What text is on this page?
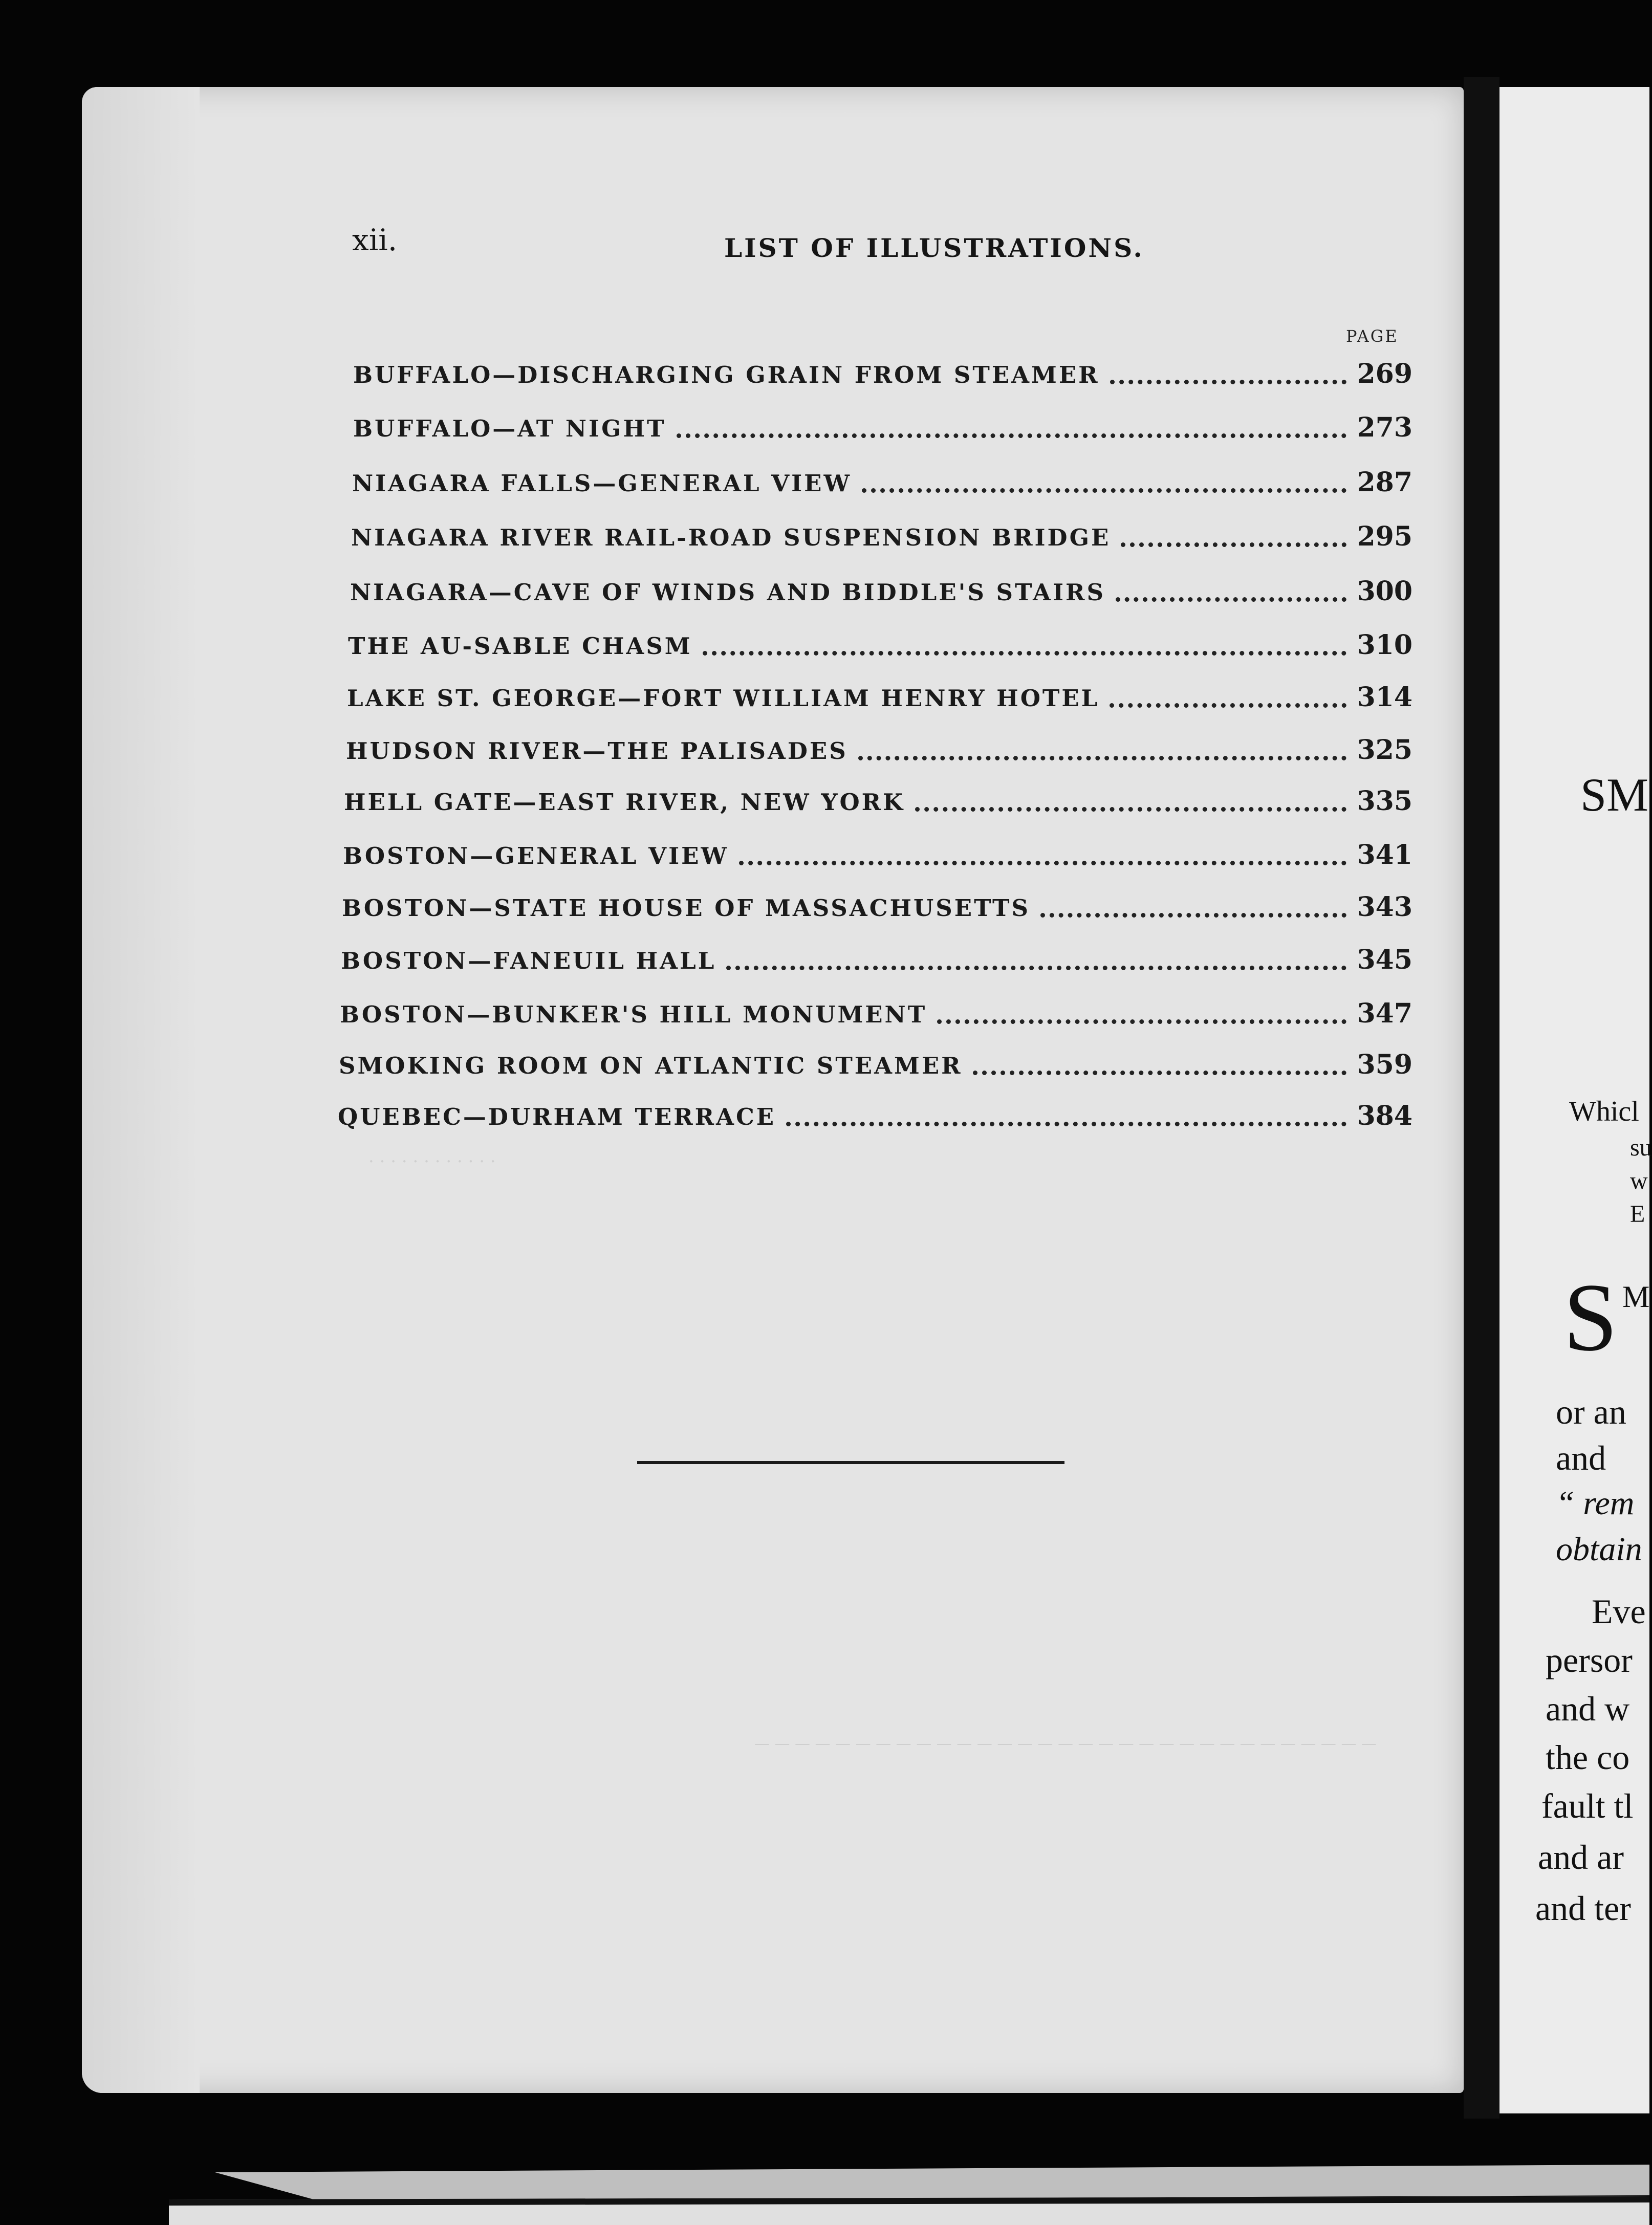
xii.	LIST OF ILLUSTRATIONS.
PAGE
. . . . . . . . . . . .
— — — — — — — — — — — — — — — — — — — — — — — — — — — — — — —
SM
Whicl
su
w
E
S M
or an
and
“ rem
obtain
Eve
persor
and w
the co
fault tl
and ar
and ter
BUFFALO—DISCHARGING GRAIN FROM STEAMER	269
BUFFALO—AT NIGHT	273
NIAGARA FALLS—GENERAL VIEW	287
NIAGARA RIVER RAIL-ROAD SUSPENSION BRIDGE	295
NIAGARA—CAVE OF WINDS AND BIDDLE'S STAIRS	300
THE AU-SABLE CHASM	310
LAKE ST. GEORGE—FORT WILLIAM HENRY HOTEL	314
HUDSON RIVER—THE PALISADES	325
HELL GATE—EAST RIVER, NEW YORK	335
BOSTON—GENERAL VIEW	341
BOSTON—STATE HOUSE OF MASSACHUSETTS	343
BOSTON—FANEUIL HALL	345
BOSTON—BUNKER'S HILL MONUMENT	347
SMOKING ROOM ON ATLANTIC STEAMER	359
QUEBEC—DURHAM TERRACE	384
